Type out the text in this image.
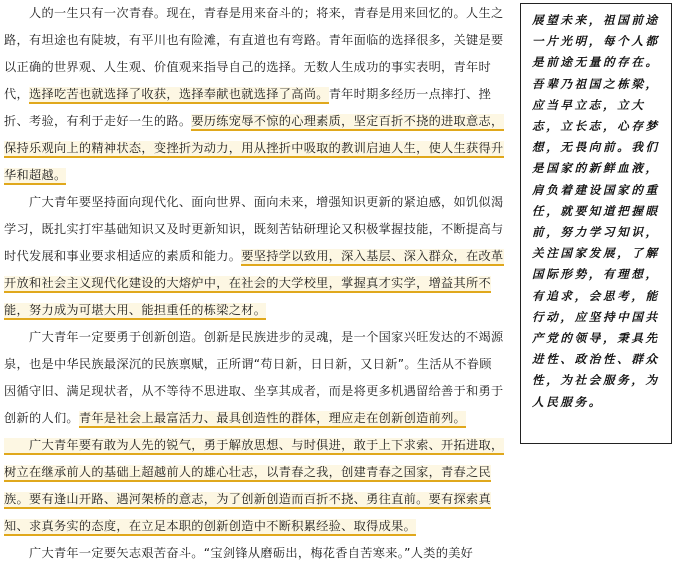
　　人的一生只有一次青春。现在，青春是用来奋斗的；将来，青春是用来回忆的。人生之路，有坦途也有陡坡，有平川也有险滩，有直道也有弯路。青年面临的选择很多，关键是要以正确的世界观、人生观、价值观来指导自己的选择。无数人生成功的事实表明，青年时代，选择吃苦也就选择了收获，选择奉献也就选择了高尚。青年时期多经历一点摔打、挫折、考验，有利于走好一生的路。要历练宠辱不惊的心理素质，坚定百折不挠的进取意志，保持乐观向上的精神状态，变挫折为动力，用从挫折中吸取的教训启迪人生，使人生获得升华和超越。

　　广大青年要坚持面向现代化、面向世界、面向未来，增强知识更新的紧迫感，如饥似渴学习，既扎实打牢基础知识又及时更新知识，既刻苦钻研理论又积极掌握技能，不断提高与时代发展和事业要求相适应的素质和能力。要坚持学以致用，深入基层、深入群众，在改革开放和社会主义现代化建设的大熔炉中，在社会的大学校里，掌握真才实学，增益其所不能，努力成为可堪大用、能担重任的栋梁之材。

　　广大青年一定要勇于创新创造。创新是民族进步的灵魂，是一个国家兴旺发达的不竭源泉，也是中华民族最深沉的民族禀赋，正所谓“苟日新，日日新，又日新”。生活从不眷顾因循守旧、满足现状者，从不等待不思进取、坐享其成者，而是将更多机遇留给善于和勇于创新的人们。青年是社会上最富活力、最具创造性的群体，理应走在创新创造前列。

　　广大青年要有敢为人先的锐气，勇于解放思想、与时俱进，敢于上下求索、开拓进取，树立在继承前人的基础上超越前人的雄心壮志，以青春之我，创建青春之国家，青春之民族。要有逢山开路、遇河架桥的意志，为了创新创造而百折不挠、勇往直前。要有探索真知、求真务实的态度，在立足本职的创新创造中不断积累经验、取得成果。

　　广大青年一定要矢志艰苦奋斗。“宝剑锋从磨砺出，梅花香自苦寒来。”人类的美好

展望未来，祖国前途一片光明，每个人都是前途无量的存在。吾辈乃祖国之栋梁，应当早立志，立大志，立长志，心存梦想，无畏向前。我们是国家的新鲜血液，肩负着建设国家的重任，就要知道把握眼前，努力学习知识，关注国家发展，了解国际形势，有理想，有追求，会思考，能行动，应坚持中国共产党的领导，秉具先进性、政治性、群众性，为社会服务，为人民服务。
